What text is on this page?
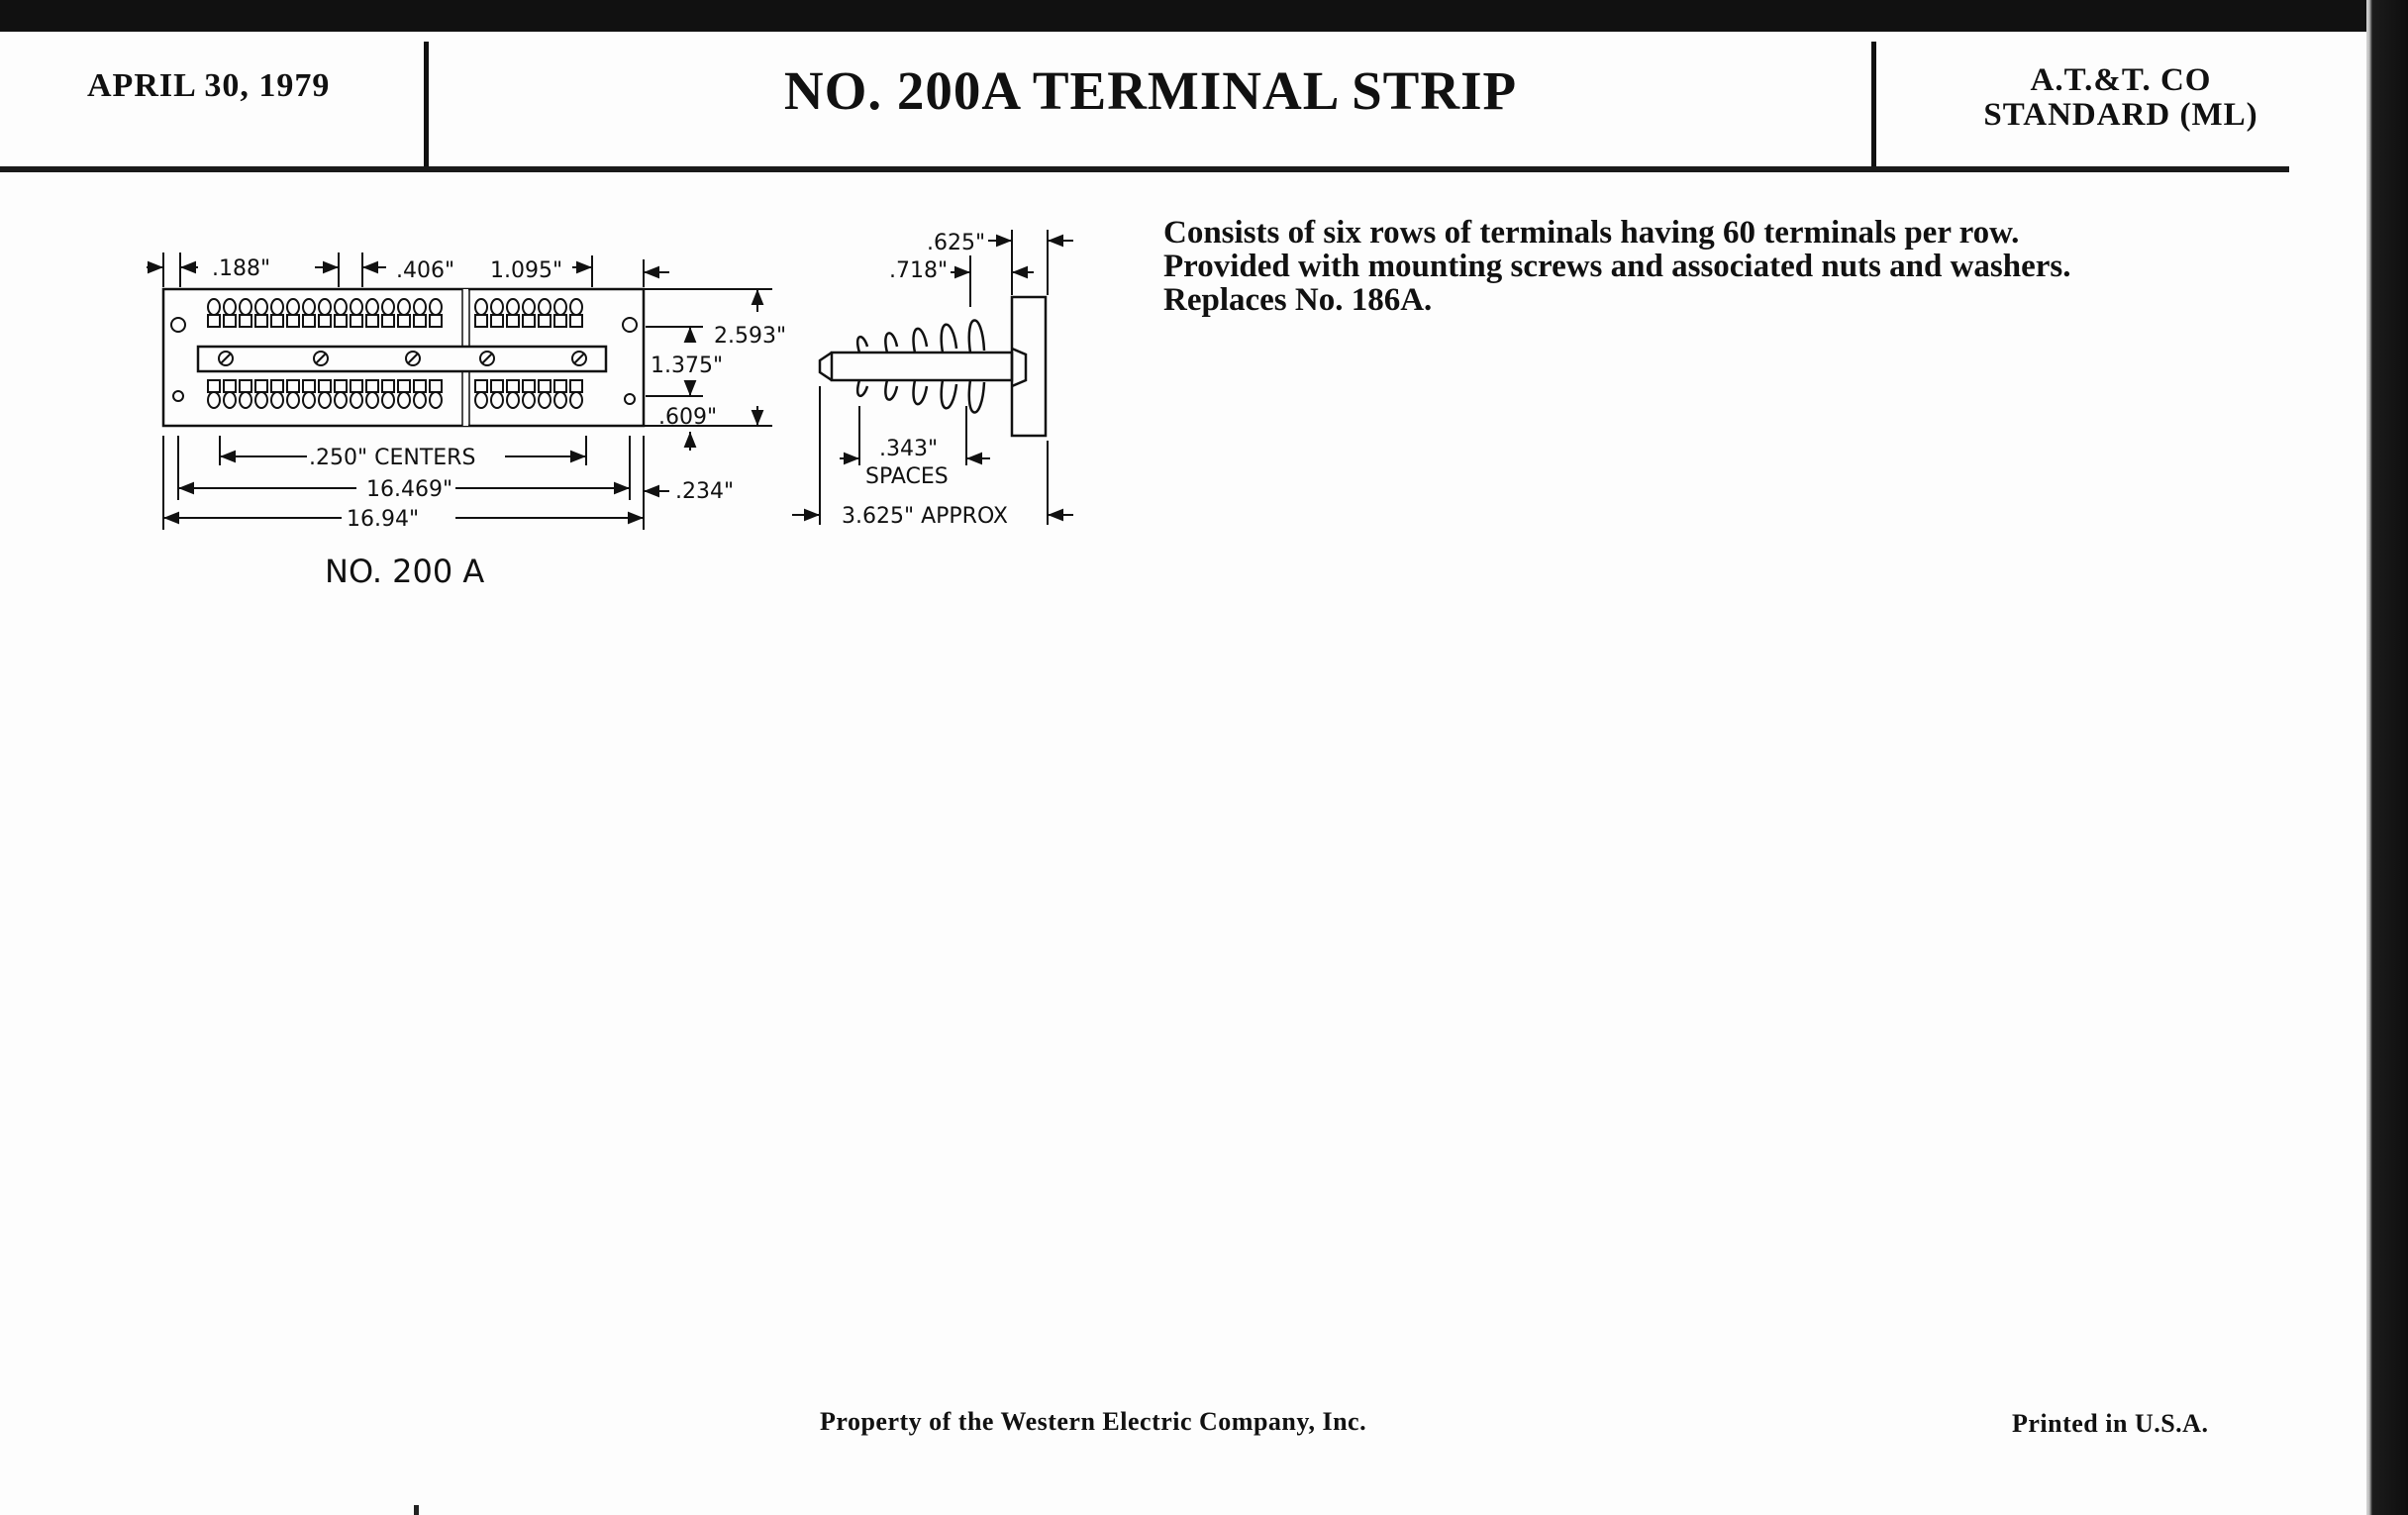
APRIL 30, 1979	NO. 200A TERMINAL STRIP	A.T.&T. CO
STANDARD (ML)
.188"	.406" 1.095"
2.593"
1.375"
.609"
.250" CENTERS
16.469"	.234"
16.94"
.625"
.718"
.343"
SPACES
3.625" APPROX
NO. 200 A
Consists of six rows of terminals having 60 terminals per row.
Provided with mounting screws and associated nuts and washers.
Replaces No. 186A.
Property of the Western Electric Company, Inc.	Printed in U.S.A.
